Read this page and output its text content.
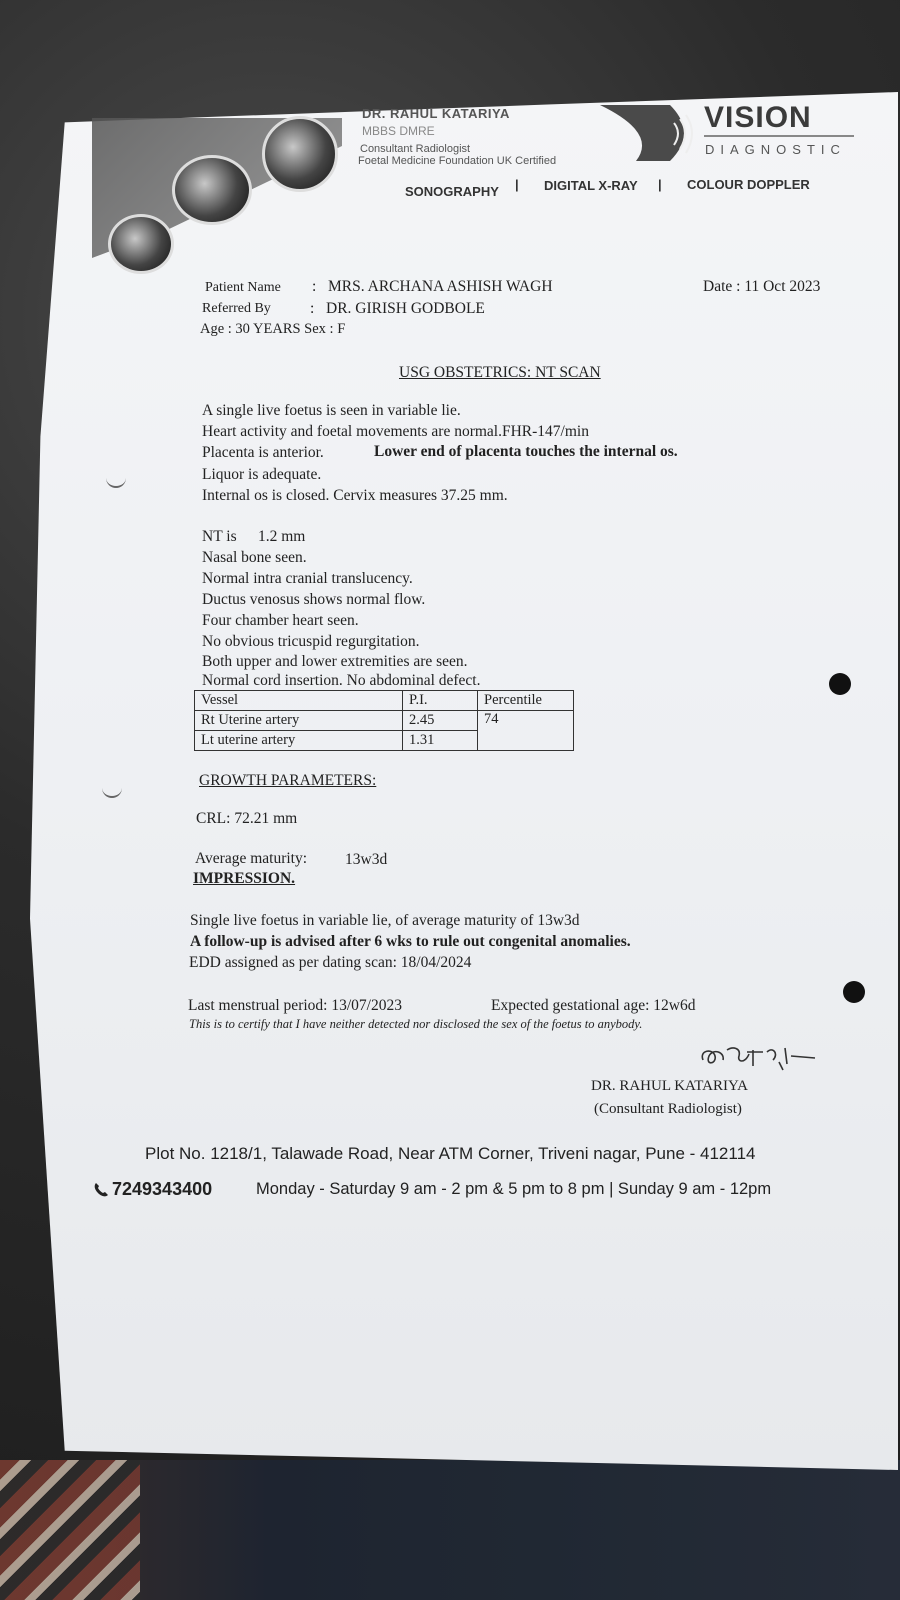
DR. RAHUL KATARIYA
MBBS DMRE
Consultant Radiologist
Foetal Medicine Foundation UK Certified
VISION
DIAGNOSTIC
SONOGRAPHY | DIGITAL X-RAY | COLOUR DOPPLER
Patient Name : MRS. ARCHANA ASHISH WAGH	Date : 11 Oct 2023
Referred By	: DR. GIRISH GODBOLE
Age : 30 YEARS Sex : F
USG OBSTETRICS: NT SCAN
A single live foetus is seen in variable lie.
Heart activity and foetal movements are normal.FHR-147/min
Placenta is anterior.	Lower end of placenta touches the internal os.
Liquor is adequate.
Internal os is closed. Cervix measures 37.25 mm.
NT is 1.2 mm
Nasal bone seen.
Normal intra cranial translucency.
Ductus venosus shows normal flow.
Four chamber heart seen.
No obvious tricuspid regurgitation.
Both upper and lower extremities are seen.
Normal cord insertion. No abdominal defect.
Vessel	P.I.	Percentile
Rt Uterine artery	2.45	74
Lt uterine artery	1.31	
GROWTH PARAMETERS:
CRL: 72.21 mm
Average maturity: 13w3d
IMPRESSION.
Single live foetus in variable lie, of average maturity of 13w3d
A follow-up is advised after 6 wks to rule out congenital anomalies.
EDD assigned as per dating scan: 18/04/2024
Last menstrual period: 13/07/2023	Expected gestational age: 12w6d
This is to certify that I have neither detected nor disclosed the sex of the foetus to anybody.
DR. RAHUL KATARIYA
(Consultant Radiologist)
Plot No. 1218/1, Talawade Road, Near ATM Corner, Triveni nagar, Pune - 412114
7249343400	Monday - Saturday 9 am - 2 pm & 5 pm to 8 pm | Sunday 9 am - 12pm
